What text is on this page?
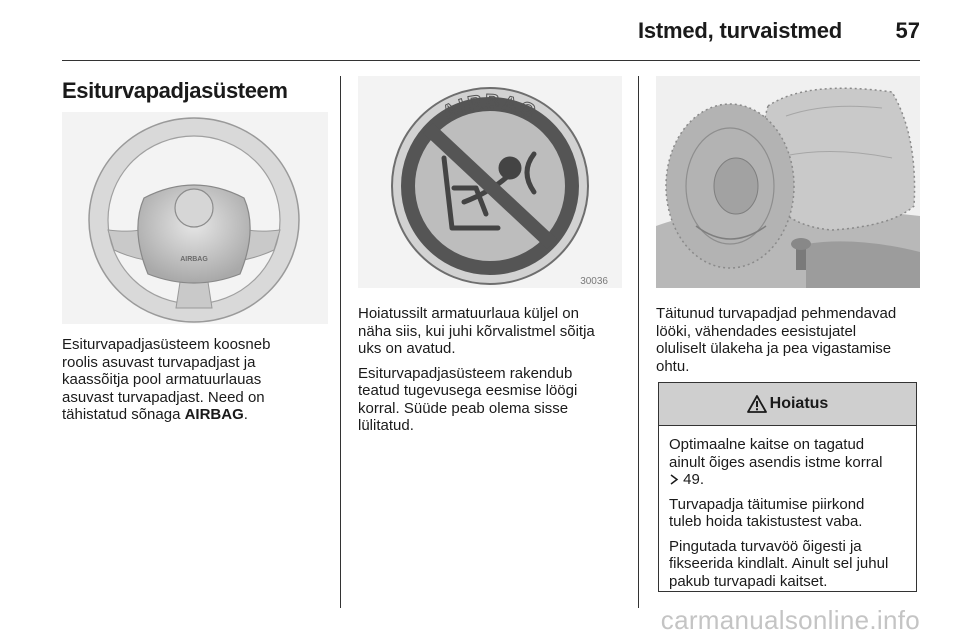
Istmed, turvaistmed 57
Esiturvapadjasüsteem
AIRBAG
Esiturvapadjasüsteem koosneb
roolis asuvast turvapadjast ja
kaassõitja pool armatuurlauas
asuvast turvapadjast. Need on
tähistatud sõnaga AIRBAG.
AIRBAG
30036

Hoiatussilt armatuurlaua küljel on
näha siis, kui juhi kõrvalistmel sõitja
uks on avatud.

Esiturvapadjasüsteem rakendub
teatud tugevusega eesmise löögi
korral. Süüde peab olema sisse
lülitatud.

Täitunud turvapadjad pehmendavad
lööki, vähendades eesistujatel
oluliselt ülakeha ja pea vigastamise
ohtu.
Hoiatus

Optimaalne kaitse on tagatud
ainult õiges asendis istme korral
49.

Turvapadja täitumise piirkond
tuleb hoida takistustest vaba.

Pingutada turvavöö õigesti ja
fikseerida kindlalt. Ainult sel juhul
pakub turvapadi kaitset.

carmanualsonline.info
